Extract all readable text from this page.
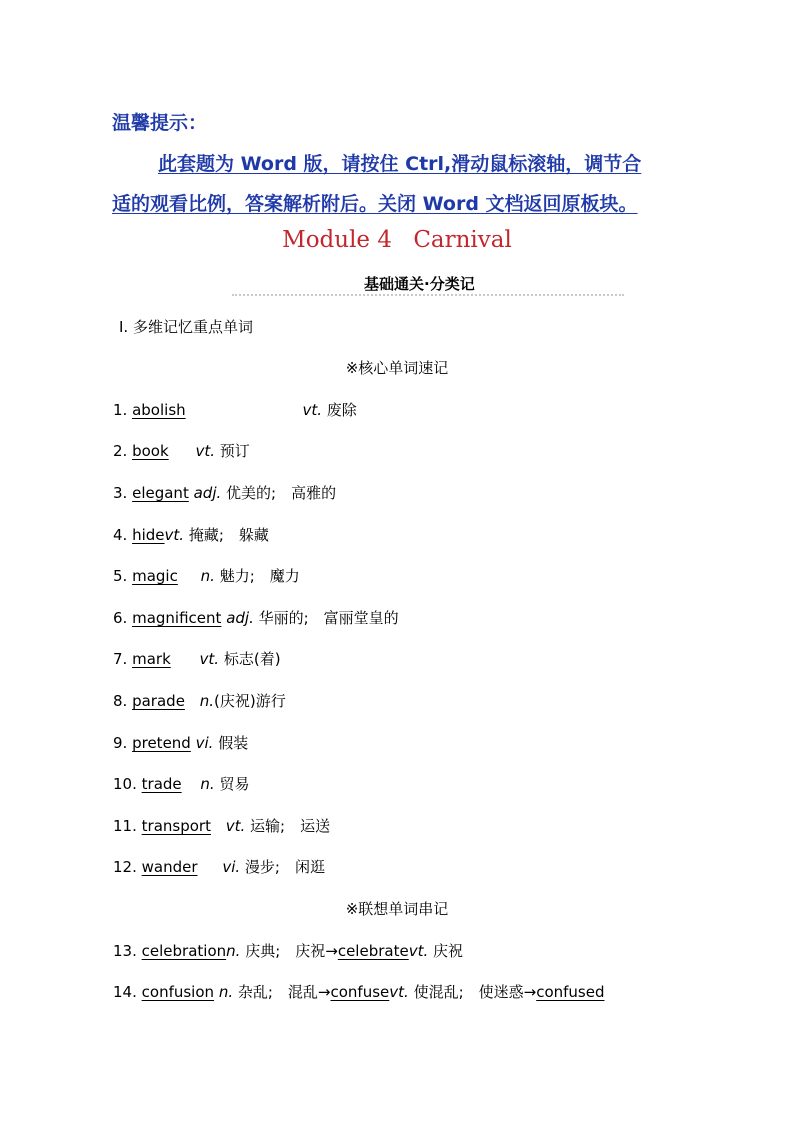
温馨提示：
此套题为 Word 版，请按住 Ctrl,滑动鼠标滚轴，调节合
适的观看比例，答案解析附后。关闭 Word 文档返回原板块。
Module 4 Carnival
基础通关·分类记
Ⅰ. 多维记忆重点单词
※核心单词速记
1. abolish	vt. 废除
2. book vt. 预订
3. elegant adj. 优美的;　高雅的
4. hidevt. 掩藏;　躲藏
5. magic n. 魅力;　魔力
6. magnificent adj. 华丽的;　富丽堂皇的
7. mark vt. 标志(着)
8. parade n.(庆祝)游行
9. pretend vi. 假装
10. trade n. 贸易
11. transport vt. 运输;　运送
12. wander vi. 漫步;　闲逛
※联想单词串记
13. celebrationn. 庆典;　庆祝→celebratevt. 庆祝
14. confusion n. 杂乱;　混乱→confusevt. 使混乱;　使迷惑→confused
